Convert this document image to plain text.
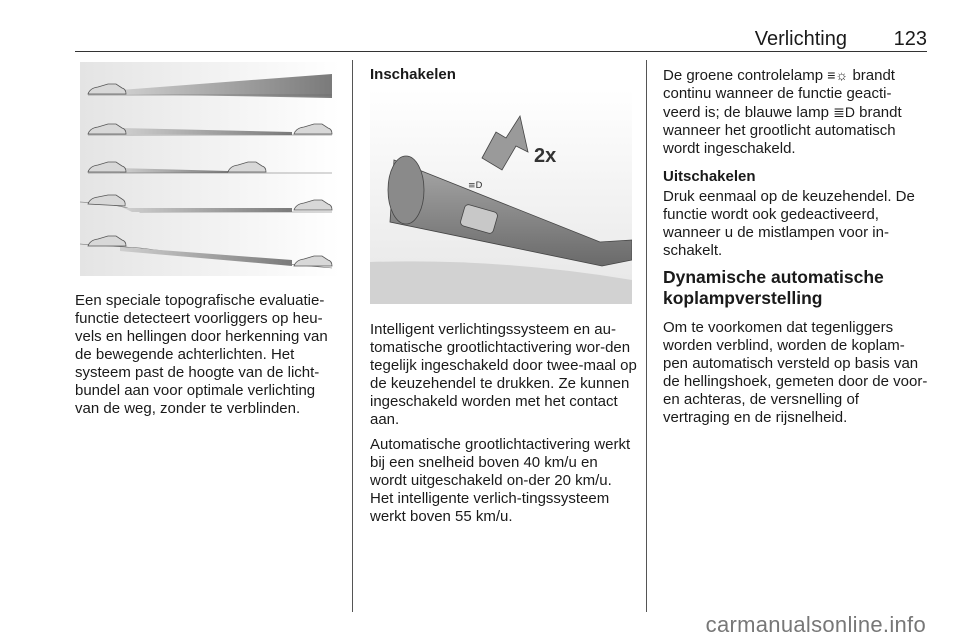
Verlichting 123

Een speciale topografische evaluatie-functie detecteert voorliggers op heu-vels en hellingen door herkenning van de bewegende achterlichten. Het systeem past de hoogte van de licht-bundel aan voor optimale verlichting van de weg, zonder te verblinden.

Inschakelen
≡D
2x

Intelligent verlichtingssysteem en au-tomatische grootlichtactivering wor-den tegelijk ingeschakeld door twee-maal op de keuzehendel te drukken. Ze kunnen ingeschakeld worden met het contact aan.

Automatische grootlichtactivering werkt bij een snelheid boven 40 km/u en wordt uitgeschakeld on-der 20 km/u. Het intelligente verlich-tingssysteem werkt boven 55 km/u.

De groene controlelamp ≡☼ brandt continu wanneer de functie geacti-veerd is; de blauwe lamp ≣D brandt wanneer het grootlicht automatisch wordt ingeschakeld.

Uitschakelen

Druk eenmaal op de keuzehendel. De functie wordt ook gedeactiveerd, wanneer u de mistlampen voor in-schakelt.

Dynamische automatische koplampverstelling

Om te voorkomen dat tegenliggers worden verblind, worden de koplam-pen automatisch versteld op basis van de hellingshoek, gemeten door de voor- en achteras, de versnelling of vertraging en de rijsnelheid.

carmanualsonline.info
